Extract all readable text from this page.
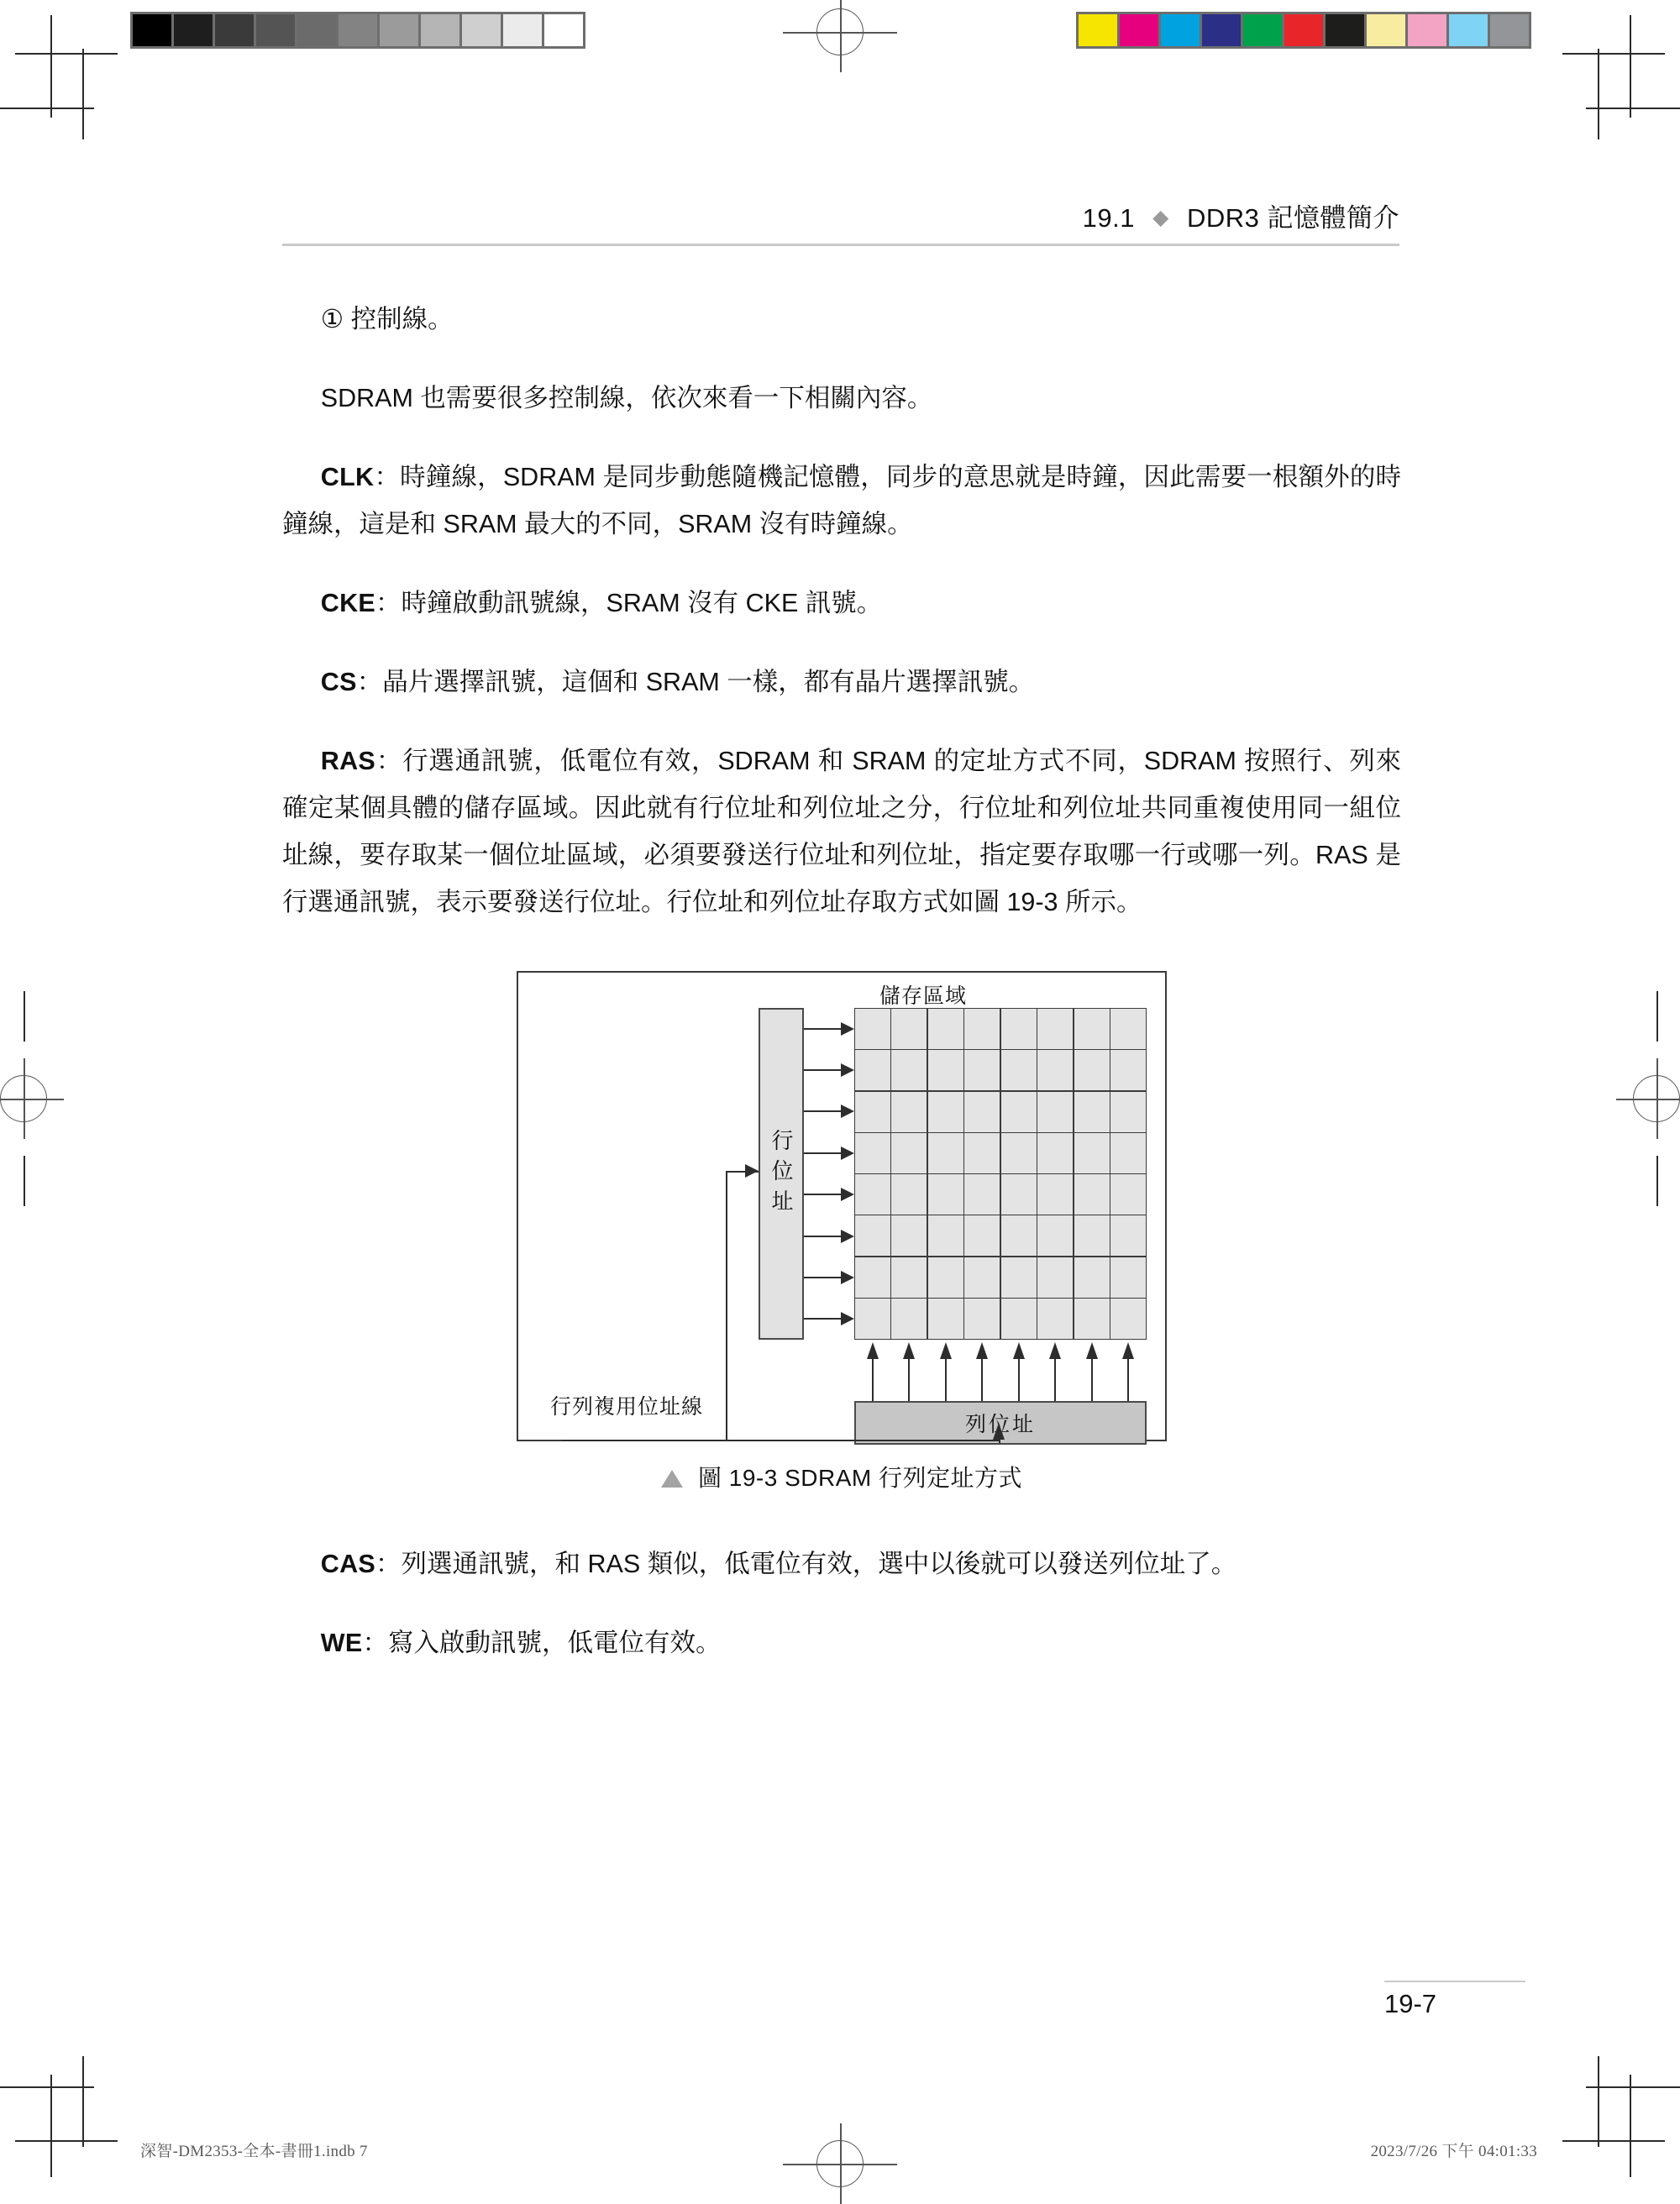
19.1 ◆ DDR3 記憶體簡介

① 控制線。

SDRAM 也需要很多控制線，依次來看一下相關內容。

CLK：時鐘線，SDRAM 是同步動態隨機記憶體，同步的意思就是時鐘，因此需要一根額外的時鐘線，這是和 SRAM 最大的不同，SRAM 沒有時鐘線。

CKE：時鐘啟動訊號線，SRAM 沒有 CKE 訊號。

CS：晶片選擇訊號，這個和 SRAM 一樣，都有晶片選擇訊號。

RAS：行選通訊號，低電位有效，SDRAM 和 SRAM 的定址方式不同，SDRAM 按照行、列來確定某個具體的儲存區域。因此就有行位址和列位址之分，行位址和列位址共同重複使用同一組位址線，要存取某一個位址區域，必須要發送行位址和列位址，指定要存取哪一行或哪一列。RAS 是行選通訊號，表示要發送行位址。行位址和列位址存取方式如圖 19-3 所示。

儲存區域
行位址
列位址
行列複用位址線
圖 19-3 SDRAM 行列定址方式

CAS：列選通訊號，和 RAS 類似，低電位有效，選中以後就可以發送列位址了。

WE：寫入啟動訊號，低電位有效。

19-7
深智-DM2353-全本-書冊1.indb 7	2023/7/26 下午 04:01:33
